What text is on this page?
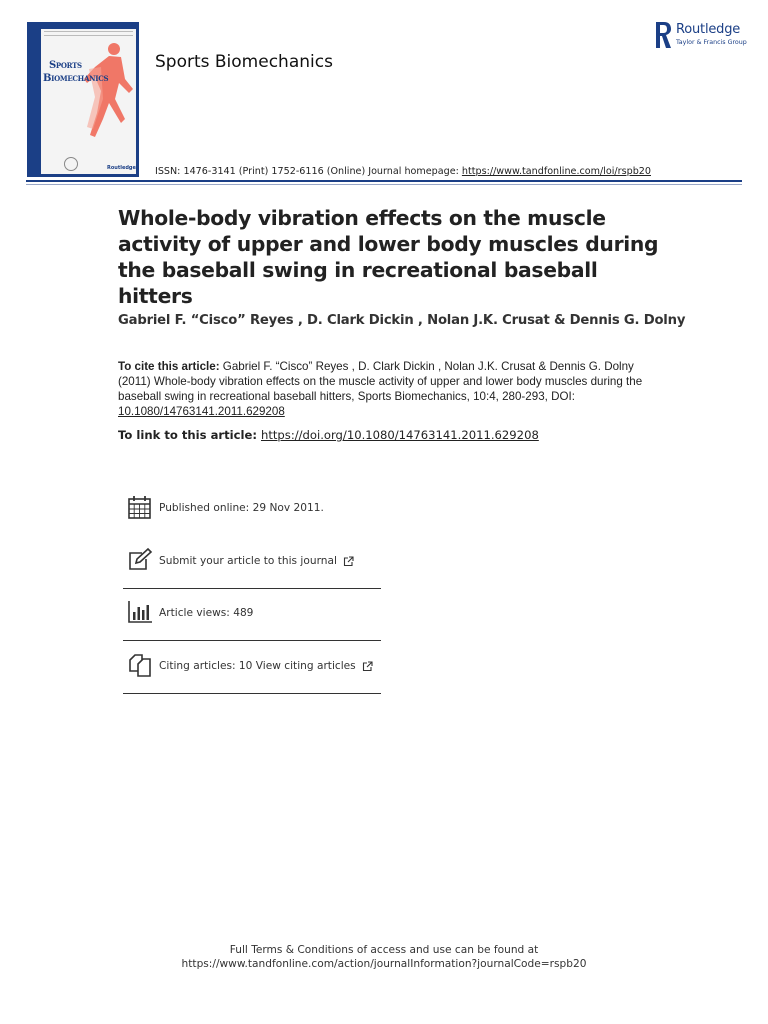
Sports
Biomechanics
Routledge
Sports Biomechanics
ISSN: 1476-3141 (Print) 1752-6116 (Online) Journal homepage: https://www.tandfonline.com/loi/rspb20
Routledge
Taylor & Francis Group
Whole-body vibration effects on the muscle
activity of upper and lower body muscles during
the baseball swing in recreational baseball hitters
Gabriel F. “Cisco” Reyes , D. Clark Dickin , Nolan J.K. Crusat & Dennis G. Dolny
To cite this article: Gabriel F. “Cisco” Reyes , D. Clark Dickin , Nolan J.K. Crusat & Dennis G. Dolny (2011) Whole-body vibration effects on the muscle activity of upper and lower body muscles during the baseball swing in recreational baseball hitters, Sports Biomechanics, 10:4, 280-293, DOI: 10.1080/14763141.2011.629208
To link to this article: https://doi.org/10.1080/14763141.2011.629208
Published online: 29 Nov 2011.
Submit your article to this journal
Article views: 489
Citing articles: 10 View citing articles
Full Terms & Conditions of access and use can be found at
https://www.tandfonline.com/action/journalInformation?journalCode=rspb20
